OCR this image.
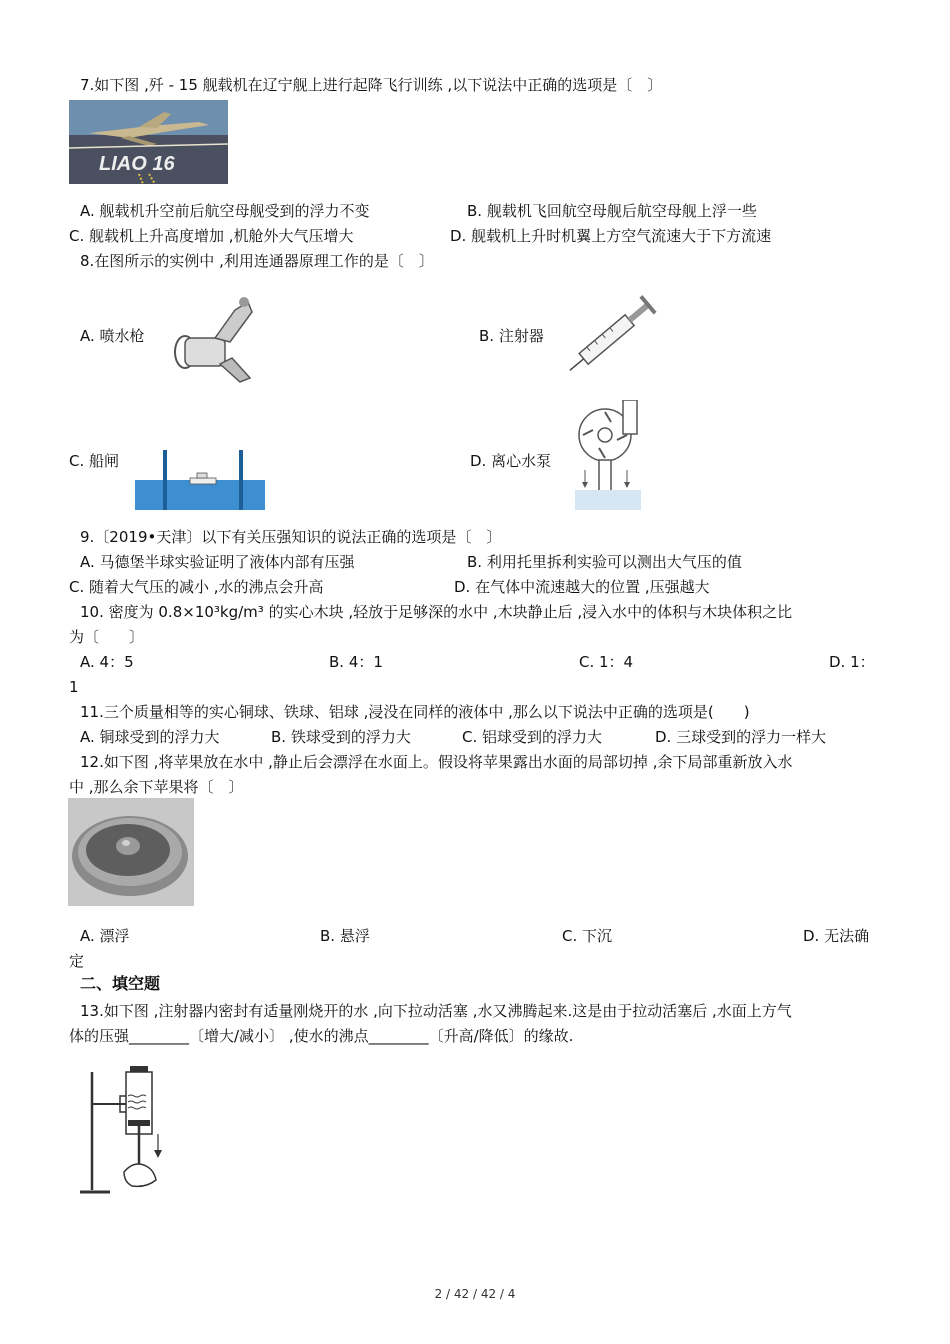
7.如下图 ,歼 - 15 舰载机在辽宁舰上进行起降飞行训练 ,以下说法中正确的选项是〔　〕
LIAO 16
A. 舰载机升空前后航空母舰受到的浮力不变	B. 舰载机飞回航空母舰后航空母舰上浮一些
C. 舰载机上升高度增加 ,机舱外大气压增大	D. 舰载机上升时机翼上方空气流速大于下方流速
8.在图所示的实例中 ,利用连通器原理工作的是〔　〕
A. 喷水枪	B. 注射器
C. 船闸	D. 离心水泵
9.〔2019•天津〕以下有关压强知识的说法正确的选项是〔　〕
A. 马德堡半球实验证明了液体内部有压强	B. 利用托里拆利实验可以测出大气压的值
C. 随着大气压的减小 ,水的沸点会升高	D. 在气体中流速越大的位置 ,压强越大
10. 密度为 0.8×10³kg/m³ 的实心木块 ,轻放于足够深的水中 ,木块静止后 ,浸入水中的体积与木块体积之比
为〔　　〕
A. 4：5	B. 4：1	C. 1：4	D. 1：
1
11.三个质量相等的实心铜球、铁球、铝球 ,浸没在同样的液体中 ,那么以下说法中正确的选项是(　　)
A. 铜球受到的浮力大	B. 铁球受到的浮力大	C. 铝球受到的浮力大	D. 三球受到的浮力一样大
12.如下图 ,将苹果放在水中 ,静止后会漂浮在水面上。假设将苹果露出水面的局部切掉 ,余下局部重新放入水
中 ,那么余下苹果将〔　〕
A. 漂浮	B. 悬浮	C. 下沉	D. 无法确
定
二、填空题
13.如下图 ,注射器内密封有适量刚烧开的水 ,向下拉动活塞 ,水又沸腾起来.这是由于拉动活塞后 ,水面上方气
体的压强________〔增大/减小〕 ,使水的沸点________〔升高/降低〕的缘故.
2 / 42 / 42 / 4
